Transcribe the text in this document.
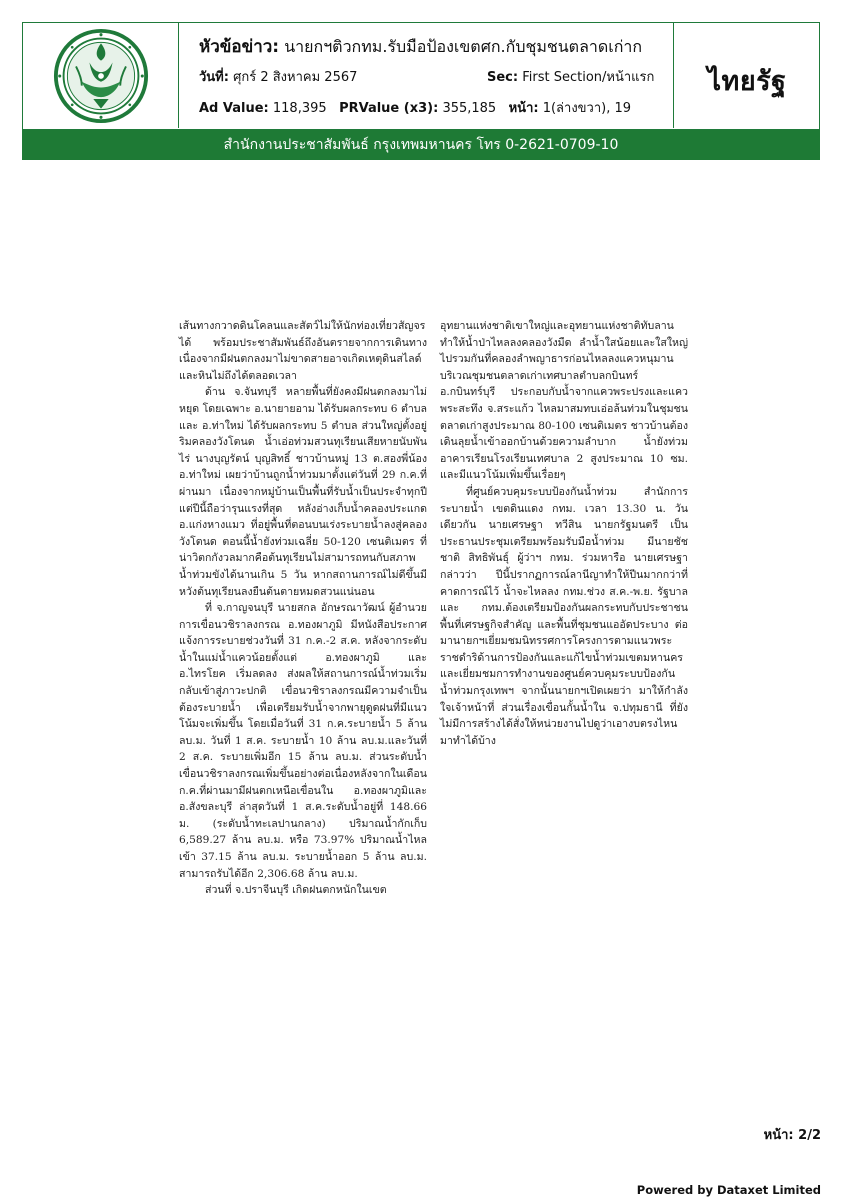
หัวข้อข่าว: นายกฯติวกทม.รับมือป้องเขตศก.กับชุมชนตลาดเก่าก
วันที่: ศุกร์ 2 สิงหาคม 2567	Sec: First Section/หน้าแรก
Ad Value: 118,395 PRValue (x3): 355,185 หน้า: 1(ล่างขวา), 19
ไทยรัฐ
สำนักงานประชาสัมพันธ์ กรุงเทพมหานคร โทร 0-2621-0709-10

เส้นทางกวาดดินโคลนและสัตว์ไม่ให้นักท่องเที่ยวสัญจรได้ พร้อมประชาสัมพันธ์ถึงอันตรายจากการเดินทาง เนื่องจากมีฝนตกลงมาไม่ขาดสายอาจเกิดเหตุดินสไลด์และหินไม่ถึงได้ตลอดเวลา

ด้าน จ.จันทบุรี หลายพื้นที่ยังคงมีฝนตกลงมาไม่หยุด โดยเฉพาะ อ.นายายอาม ได้รับผลกระทบ 6 ตำบล และ อ.ท่าใหม่ ได้รับผลกระทบ 5 ตำบล ส่วนใหญ่ตั้งอยู่ริมคลองวังโตนด น้ำเอ่อท่วมสวนทุเรียนเสียหายนับพันไร่ นางบุญรัตน์ บุญสิทธิ์ ชาวบ้านหมู่ 13 ต.สองพี่น้อง อ.ท่าใหม่ เผยว่าบ้านถูกน้ำท่วมมาตั้งแต่วันที่ 29 ก.ค.ที่ผ่านมา เนื่องจากหมู่บ้านเป็นพื้นที่รับน้ำเป็นประจำทุกปี แต่ปีนี้ถือว่ารุนแรงที่สุด หลังอ่างเก็บน้ำคลองประแกด อ.แก่งหางแมว ที่อยู่พื้นที่ตอนบนเร่งระบายน้ำลงสู่คลองวังโตนด ตอนนี้น้ำยังท่วมเฉลี่ย 50-120 เซนติเมตร ที่น่าวิตกกังวลมากคือต้นทุเรียนไม่สามารถทนกับสภาพน้ำท่วมขังได้นานเกิน 5 วัน หากสถานการณ์ไม่ดีขึ้นมีหวังต้นทุเรียนลงยืนต้นตายหมดสวนแน่นอน

ที่ จ.กาญจนบุรี นายสกล อักษรณาวัฒน์ ผู้อำนวยการเขื่อนวชิราลงกรณ อ.ทองผาภูมิ มีหนังสือประกาศแจ้งการระบายช่วงวันที่ 31 ก.ค.-2 ส.ค. หลังจากระดับน้ำในแม่น้ำแควน้อยตั้งแต่ อ.ทองผาภูมิ และ อ.ไทรโยค เริ่มลดลง ส่งผลให้สถานการณ์น้ำท่วมเริ่มกลับเข้าสู่ภาวะปกติ เขื่อนวชิราลงกรณมีความจำเป็นต้องระบายน้ำ เพื่อเตรียมรับน้ำจากพายุดูดฝนที่มีแนวโน้มจะเพิ่มขึ้น โดยเมื่อวันที่ 31 ก.ค.ระบายน้ำ 5 ล้าน ลบ.ม. วันที่ 1 ส.ค. ระบายน้ำ 10 ล้าน ลบ.ม.และวันที่ 2 ส.ค. ระบายเพิ่มอีก 15 ล้าน ลบ.ม. ส่วนระดับน้ำเขื่อนวชิราลงกรณเพิ่มขึ้นอย่างต่อเนื่องหลังจากในเดือน ก.ค.ที่ผ่านมามีฝนตกเหนือเขื่อนใน อ.ทองผาภูมิและ อ.สังขละบุรี ล่าสุดวันที่ 1 ส.ค.ระดับน้ำอยู่ที่ 148.66 ม. (ระดับน้ำทะเลปานกลาง) ปริมาณน้ำกักเก็บ 6,589.27 ล้าน ลบ.ม. หรือ 73.97% ปริมาณน้ำไหลเข้า 37.15 ล้าน ลบ.ม. ระบายน้ำออก 5 ล้าน ลบ.ม. สามารถรับได้อีก 2,306.68 ล้าน ลบ.ม.

ส่วนที่ จ.ปราจีนบุรี เกิดฝนตกหนักในเขต

อุทยานแห่งชาติเขาใหญ่และอุทยานแห่งชาติทับลาน ทำให้น้ำป่าไหลลงคลองวังมืด ลำน้ำใสน้อยและใสใหญ่ไปรวมกันที่คลองลำพญาธารก่อนไหลลงแควหนุมานบริเวณชุมชนตลาดเก่าเทศบาลตำบลกบินทร์ อ.กบินทร์บุรี ประกอบกับน้ำจากแควพระปรงและแควพระสะทึง จ.สระแก้ว ไหลมาสมทบเอ่อล้นท่วมในชุมชนตลาดเก่าสูงประมาณ 80-100 เซนติเมตร ชาวบ้านต้องเดินลุยน้ำเข้าออกบ้านด้วยความลำบาก น้ำยังท่วมอาคารเรียนโรงเรียนเทศบาล 2 สูงประมาณ 10 ซม. และมีแนวโน้มเพิ่มขึ้นเรื่อยๆ

ที่ศูนย์ควบคุมระบบป้องกันน้ำท่วม สำนักการระบายน้ำ เขตดินแดง กทม. เวลา 13.30 น. วันเดียวกัน นายเศรษฐา ทวีสิน นายกรัฐมนตรี เป็นประธานประชุมเตรียมพร้อมรับมือน้ำท่วม มีนายชัชชาติ สิทธิพันธุ์ ผู้ว่าฯ กทม. ร่วมหารือ นายเศรษฐา กล่าวว่า ปีนี้ปรากฏการณ์ลานีญาทำให้ปีนมากกว่าที่คาดการณ์ไว้ น้ำจะไหลลง กทม.ช่วง ส.ค.-พ.ย. รัฐบาลและ กทม.ต้องเตรียมป้องกันผลกระทบกับประชาชน พื้นที่เศรษฐกิจสำคัญ และพื้นที่ชุมชนแออัดประบาง ต่อมานายกฯเยี่ยมชมนิทรรศการโครงการตามแนวพระราชดำริด้านการป้องกันและแก้ไขน้ำท่วมเขตมหานคร และเยี่ยมชมการทำงานของศูนย์ควบคุมระบบป้องกันน้ำท่วมกรุงเทพฯ จากนั้นนายกฯเปิดเผยว่า มาให้กำลังใจเจ้าหน้าที่ ส่วนเรื่องเขื่อนกั้นน้ำใน จ.ปทุมธานี ที่ยังไม่มีการสร้างได้สั่งให้หน่วยงานไปดูว่าเอางบตรงไหนมาทำได้บ้าง

หน้า: 2/2
Powered by Dataxet Limited
